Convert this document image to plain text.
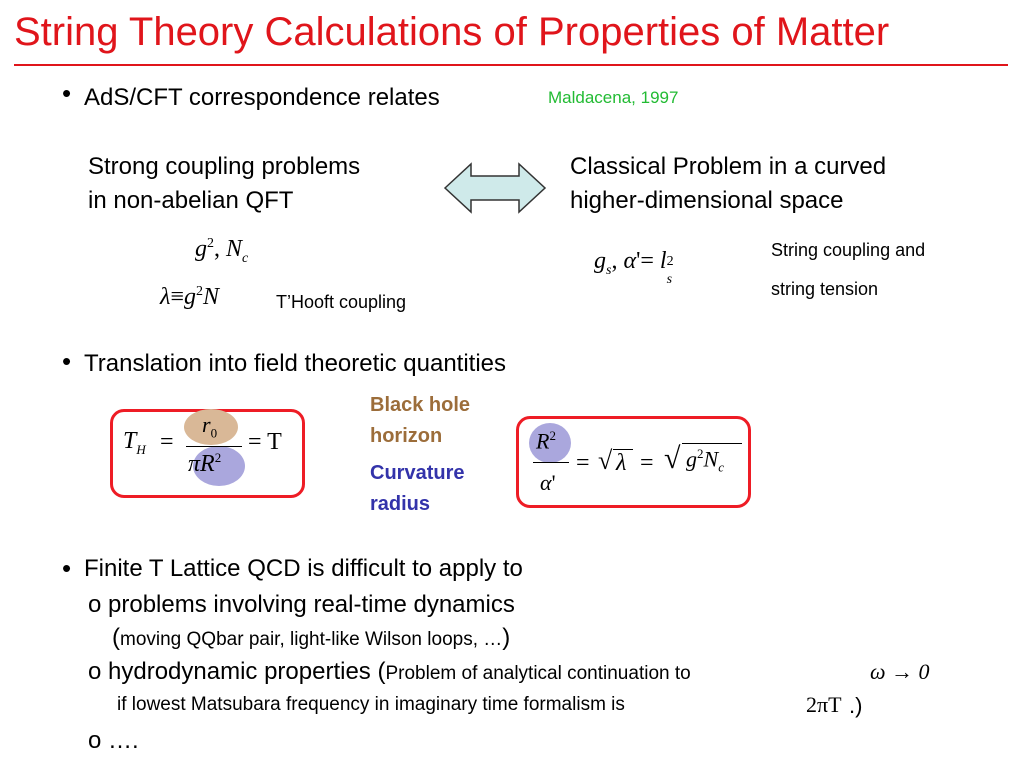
String Theory Calculations of Properties of Matter
• AdS/CFT correspondence relates	Maldacena, 1997
Strong coupling problems
in non-abelian QFT
Classical Problem in a curved
higher-dimensional space
$g^2$, $N_c$
$\lambda\equiv g^2N$	T’Hooft coupling
$g_s$, α'= l 2
s
String coupling and
string tension
• Translation into field theoretic quantities
$T_H$ =
$r_0$
$\pi R^2$
= T
Black hole
horizon
Curvature
radius
$R^2$
α'
= √ λ = √ $g^2N_c$
• Finite T Lattice QCD is difficult to apply to
o problems involving real-time dynamics
(moving QQbar pair, light-like Wilson loops, …)
o hydrodynamic properties (Problem of analytical continuation to	ω → 0
if lowest Matsubara frequency in imaginary time formalism is	2πT .)
o ….
